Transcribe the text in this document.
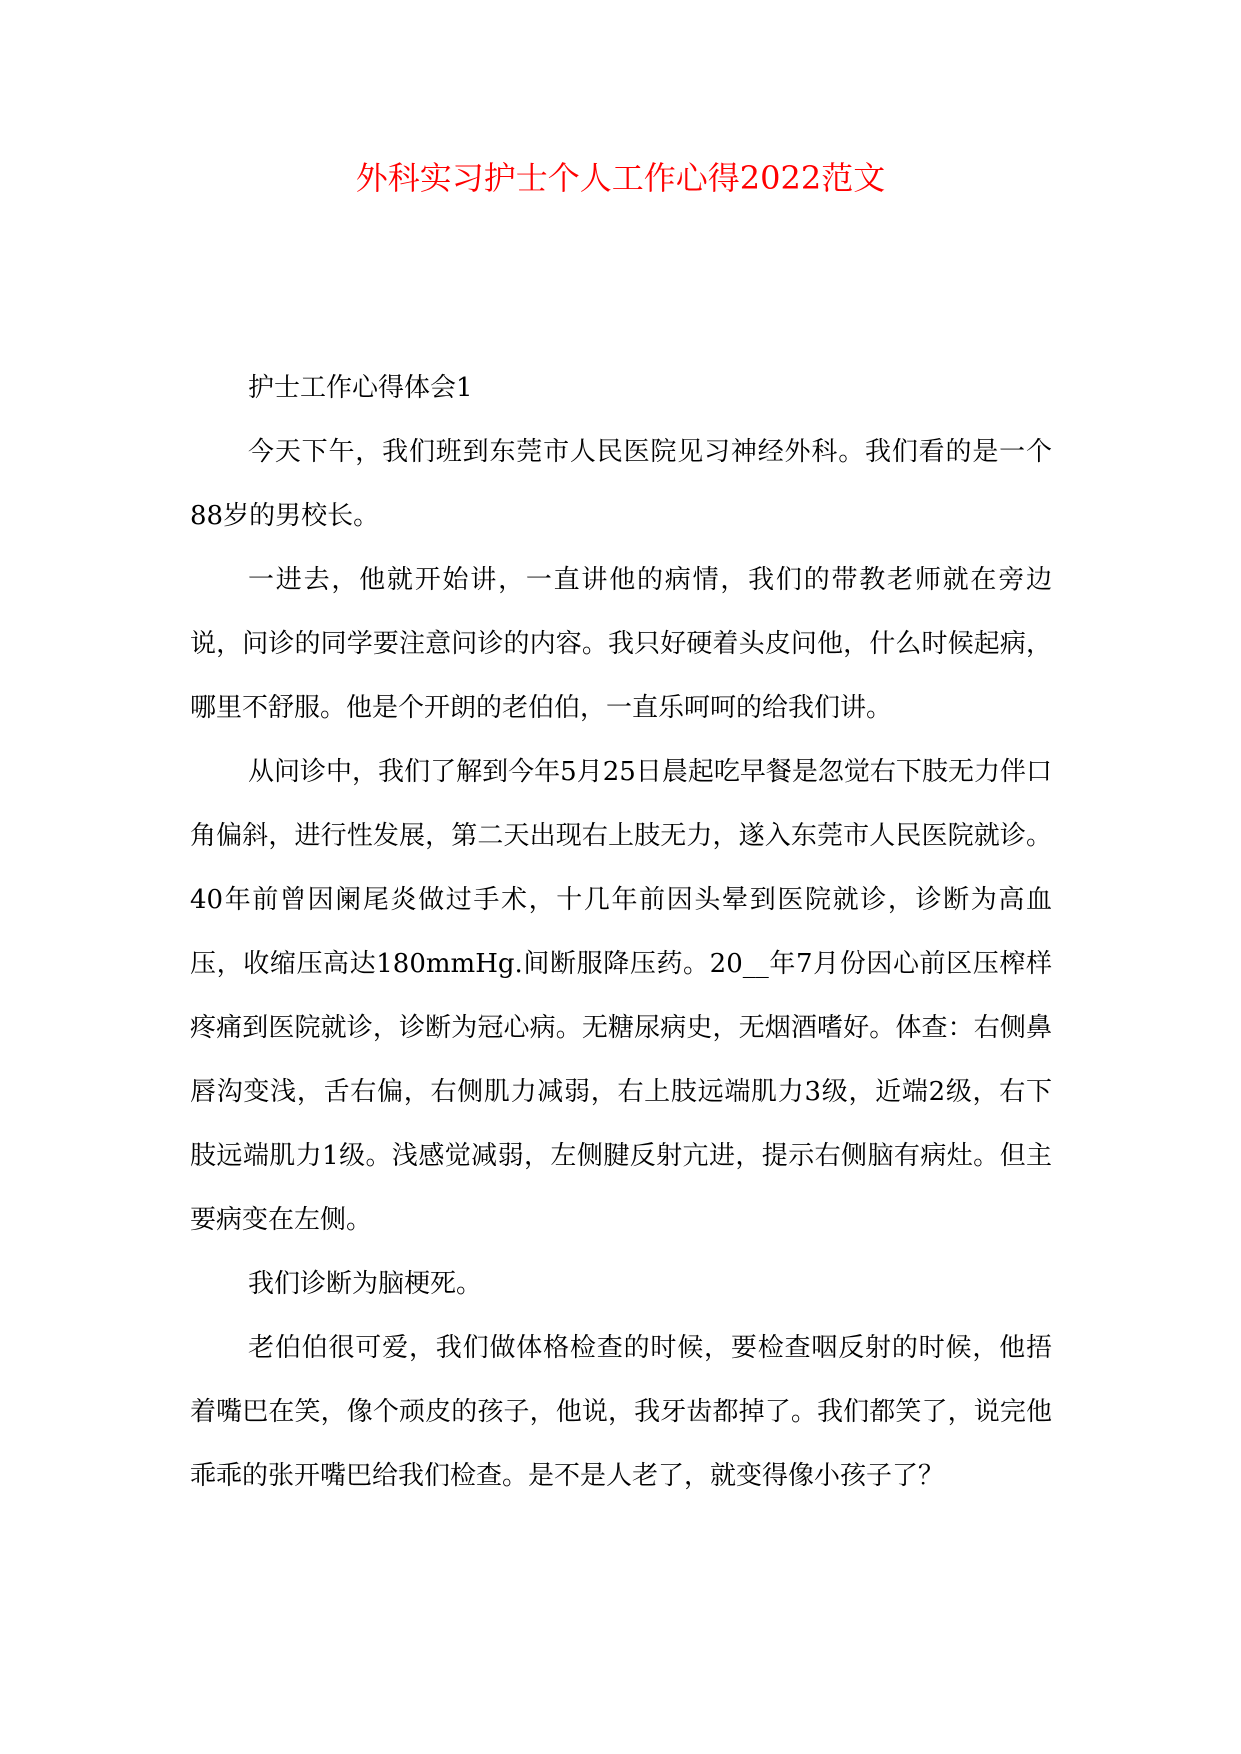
外科实习护士个人工作心得2022范文

护士工作心得体会1

今天下午，我们班到东莞市人民医院见习神经外科。我们看的是一个88岁的男校长。

一进去，他就开始讲，一直讲他的病情，我们的带教老师就在旁边说，问诊的同学要注意问诊的内容。我只好硬着头皮问他，什么时候起病，哪里不舒服。他是个开朗的老伯伯，一直乐呵呵的给我们讲。

从问诊中，我们了解到今年5月25日晨起吃早餐是忽觉右下肢无力伴口角偏斜，进行性发展，第二天出现右上肢无力，遂入东莞市人民医院就诊。40年前曾因阑尾炎做过手术，十几年前因头晕到医院就诊，诊断为高血压，收缩压高达180mmHg.间断服降压药。20__年7月份因心前区压榨样疼痛到医院就诊，诊断为冠心病。无糖尿病史，无烟酒嗜好。体查：右侧鼻唇沟变浅，舌右偏，右侧肌力减弱，右上肢远端肌力3级，近端2级，右下肢远端肌力1级。浅感觉减弱，左侧腱反射亢进，提示右侧脑有病灶。但主要病变在左侧。

我们诊断为脑梗死。

老伯伯很可爱，我们做体格检查的时候，要检查咽反射的时候，他捂着嘴巴在笑，像个顽皮的孩子，他说，我牙齿都掉了。我们都笑了，说完他乖乖的张开嘴巴给我们检查。是不是人老了，就变得像小孩子了？
